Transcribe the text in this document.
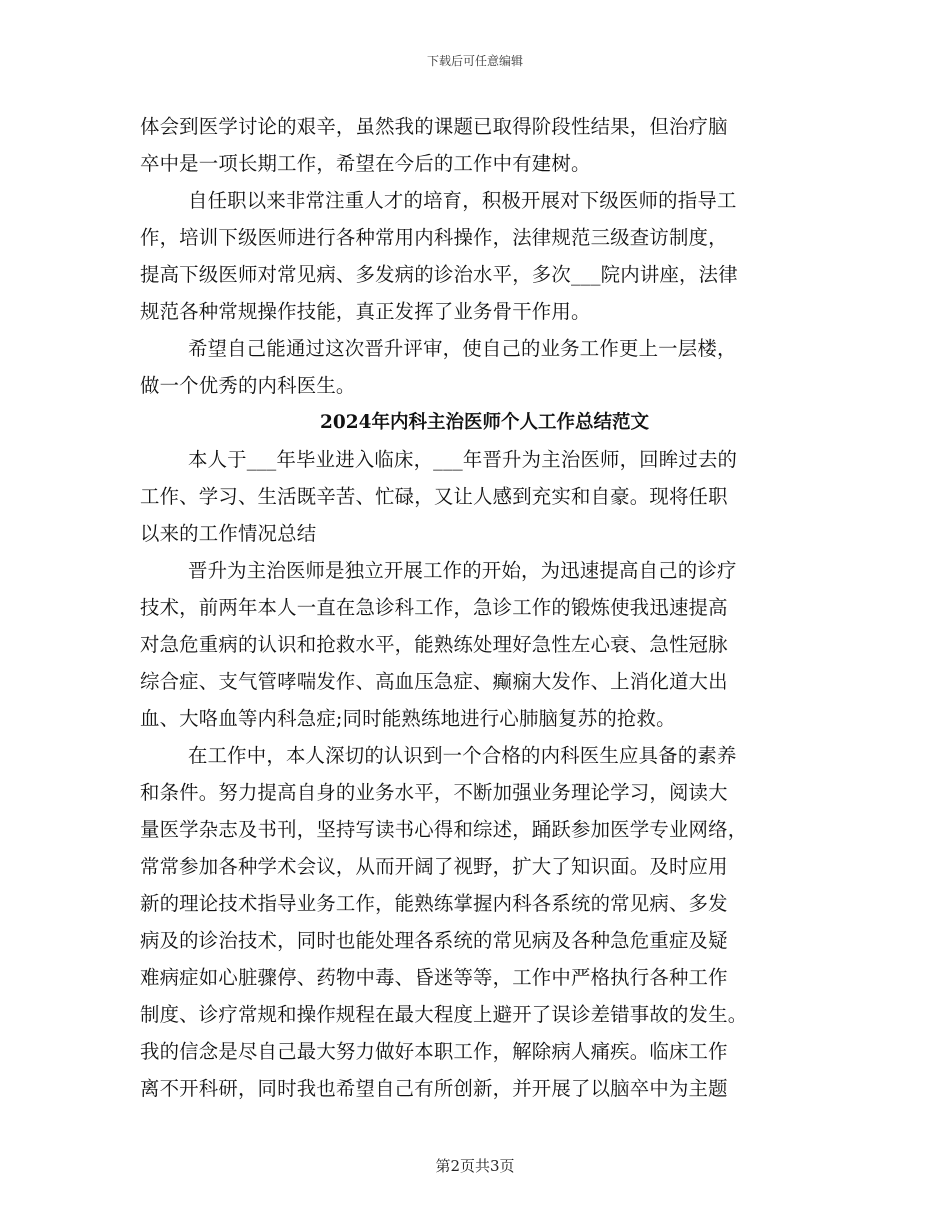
下载后可任意编辑
体会到医学讨论的艰辛，虽然我的课题已取得阶段性结果，但治疗脑
卒中是一项长期工作，希望在今后的工作中有建树。
自任职以来非常注重人才的培育，积极开展对下级医师的指导工
作，培训下级医师进行各种常用内科操作，法律规范三级查访制度，
提高下级医师对常见病、多发病的诊治水平，多次___院内讲座，法律
规范各种常规操作技能，真正发挥了业务骨干作用。
希望自己能通过这次晋升评审，使自己的业务工作更上一层楼，
做一个优秀的内科医生。
2024年内科主治医师个人工作总结范文
本人于___年毕业进入临床，___年晋升为主治医师，回眸过去的
工作、学习、生活既辛苦、忙碌，又让人感到充实和自豪。现将任职
以来的工作情况总结
晋升为主治医师是独立开展工作的开始，为迅速提高自己的诊疗
技术，前两年本人一直在急诊科工作，急诊工作的锻炼使我迅速提高
对急危重病的认识和抢救水平，能熟练处理好急性左心衰、急性冠脉
综合症、支气管哮喘发作、高血压急症、癫痫大发作、上消化道大出
血、大咯血等内科急症;同时能熟练地进行心肺脑复苏的抢救。
在工作中，本人深切的认识到一个合格的内科医生应具备的素养
和条件。努力提高自身的业务水平，不断加强业务理论学习，阅读大
量医学杂志及书刊，坚持写读书心得和综述，踊跃参加医学专业网络，
常常参加各种学术会议，从而开阔了视野，扩大了知识面。及时应用
新的理论技术指导业务工作，能熟练掌握内科各系统的常见病、多发
病及的诊治技术，同时也能处理各系统的常见病及各种急危重症及疑
难病症如心脏骤停、药物中毒、昏迷等等，工作中严格执行各种工作
制度、诊疗常规和操作规程在最大程度上避开了误诊差错事故的发生。
我的信念是尽自己最大努力做好本职工作，解除病人痛疾。临床工作
离不开科研，同时我也希望自己有所创新，并开展了以脑卒中为主题
第2页共3页
